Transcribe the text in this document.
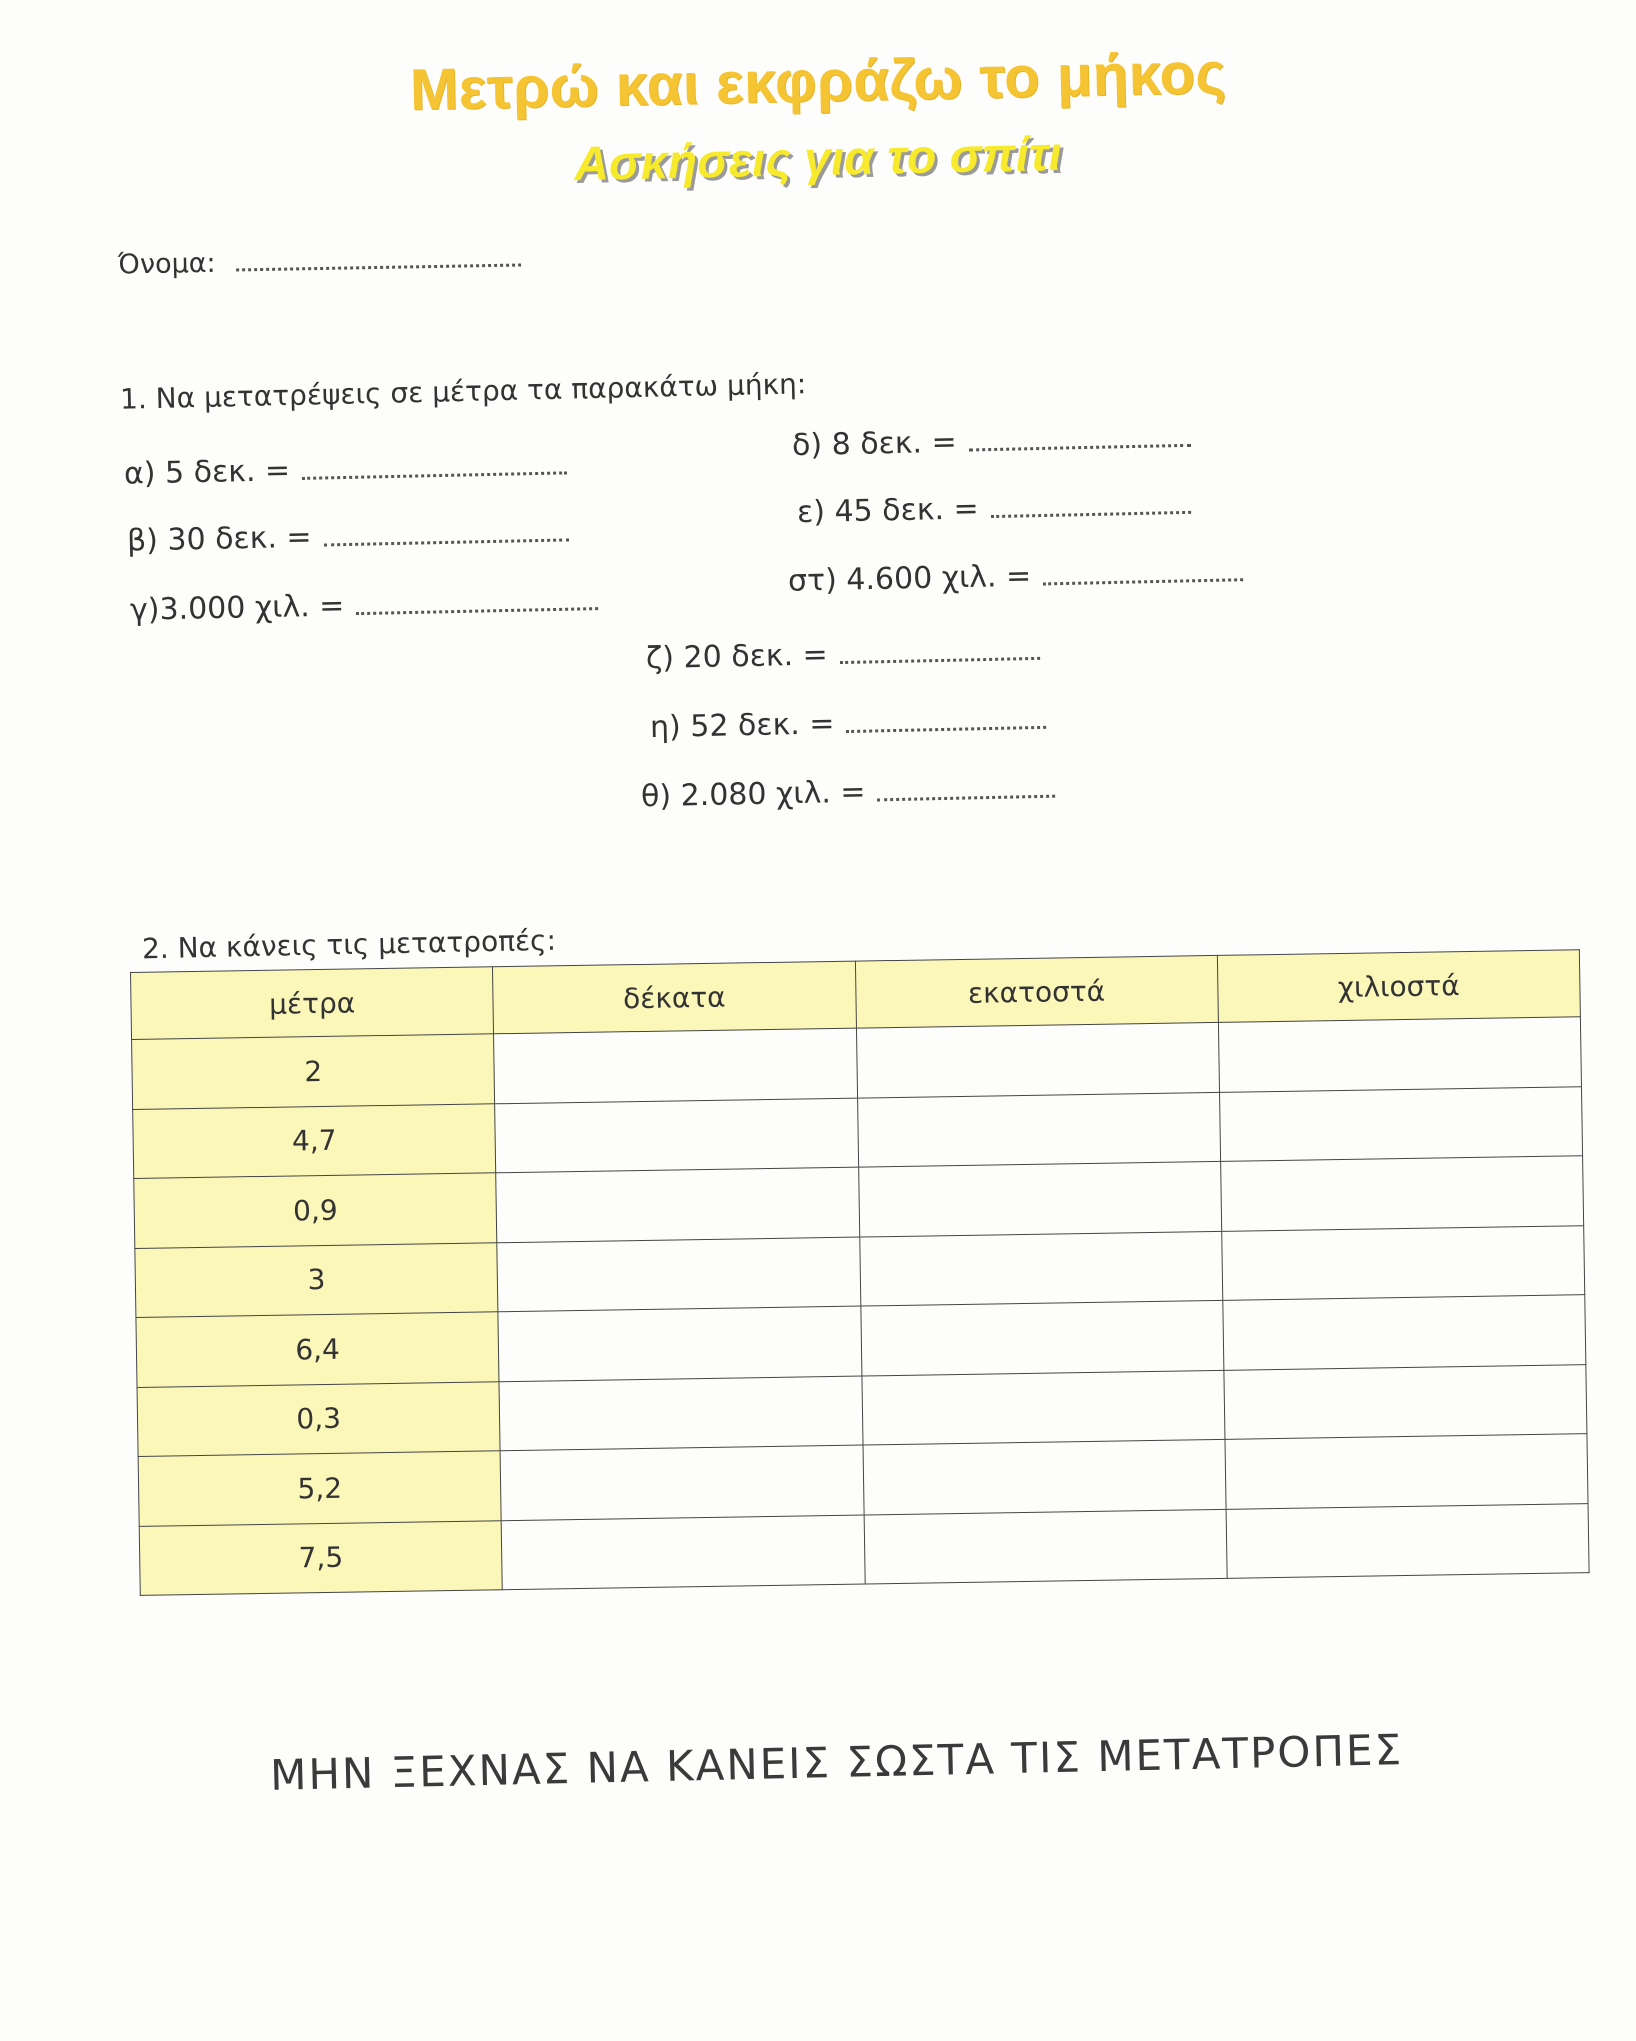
Μετρώ και εκφράζω το μήκος
Ασκήσεις για το σπίτι
Όνομα:
1. Να μετατρέψεις σε μέτρα τα παρακάτω μήκη:
α) 5 δεκ. =
β) 30 δεκ. =
γ)3.000 χιλ. =
δ) 8 δεκ. =
ε) 45 δεκ. =
στ) 4.600 χιλ. =
ζ) 20 δεκ. =
η) 52 δεκ. =
θ) 2.080 χιλ. =
2. Να κάνεις τις μετατροπές:
μέτρα	δέκατα	εκατοστά	χιλιοστά
2			
4,7			
0,9			
3			
6,4			
0,3			
5,2			
7,5			
ΜΗΝ ΞΕΧΝΑΣ ΝΑ ΚΑΝΕΙΣ ΣΩΣΤΑ ΤΙΣ ΜΕΤΑΤΡΟΠΕΣ
